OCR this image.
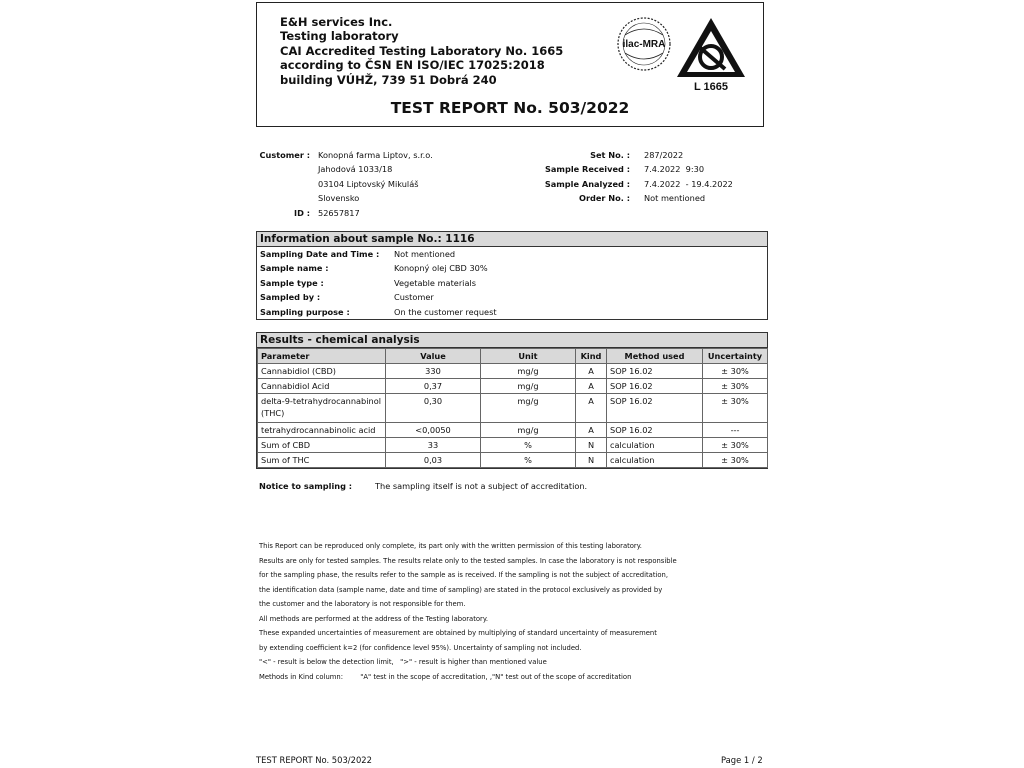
E&H services Inc.
Testing laboratory
CAI Accredited Testing Laboratory No. 1665
according to ČSN EN ISO/IEC 17025:2018
building VÚHŽ, 739 51 Dobrá 240
ilac-MRA
L 1665
TEST REPORT No. 503/2022
Customer : Konopná farma Liptov, s.r.o.
Jahodová 1033/18
03104 Liptovský Mikuláš
Slovensko
ID : 52657817
Set No. : 287/2022
Sample Received : 7.4.2022  9:30
Sample Analyzed : 7.4.2022  - 19.4.2022
Order No. : Not mentioned
Information about sample No.: 1116
Sampling Date and Time : Not mentioned
Sample name :	Konopný olej CBD 30%
Sample type :	Vegetable materials
Sampled by :	Customer
Sampling purpose :	On the customer request
Results - chemical analysis
Parameter	Value	Unit	Kind	Method used	Uncertainty
Cannabidiol (CBD)	330	mg/g	A	SOP 16.02	± 30%
Cannabidiol Acid	0,37	mg/g	A	SOP 16.02	± 30%
delta-9-tetrahydrocannabinol (THC)	0,30	mg/g	A	SOP 16.02	± 30%
tetrahydrocannabinolic acid	<0,0050	mg/g	A	SOP 16.02	---
Sum of CBD	33	%	N	calculation	± 30%
Sum of THC	0,03	%	N	calculation	± 30%
Notice to sampling :	The sampling itself is not a subject of accreditation.
This Report can be reproduced only complete, its part only with the written permission of this testing laboratory.
Results are only for tested samples. The results relate only to the tested samples. In case the laboratory is not responsible
for the sampling phase, the results refer to the sample as is received. If the sampling is not the subject of accreditation,
the identification data (sample name, date and time of sampling) are stated in the protocol exclusively as provided by
the customer and the laboratory is not responsible for them.
All methods are performed at the address of the Testing laboratory.
These expanded uncertainties of measurement are obtained by multiplying of standard uncertainty of measurement
by extending coefficient k=2 (for confidence level 95%). Uncertainty of sampling not included.
"<" - result is below the detection limit,   ">" - result is higher than mentioned value
Methods in Kind column:        "A" test in the scope of accreditation, ,"N" test out of the scope of accreditation
TEST REPORT No. 503/2022	Page 1 / 2
